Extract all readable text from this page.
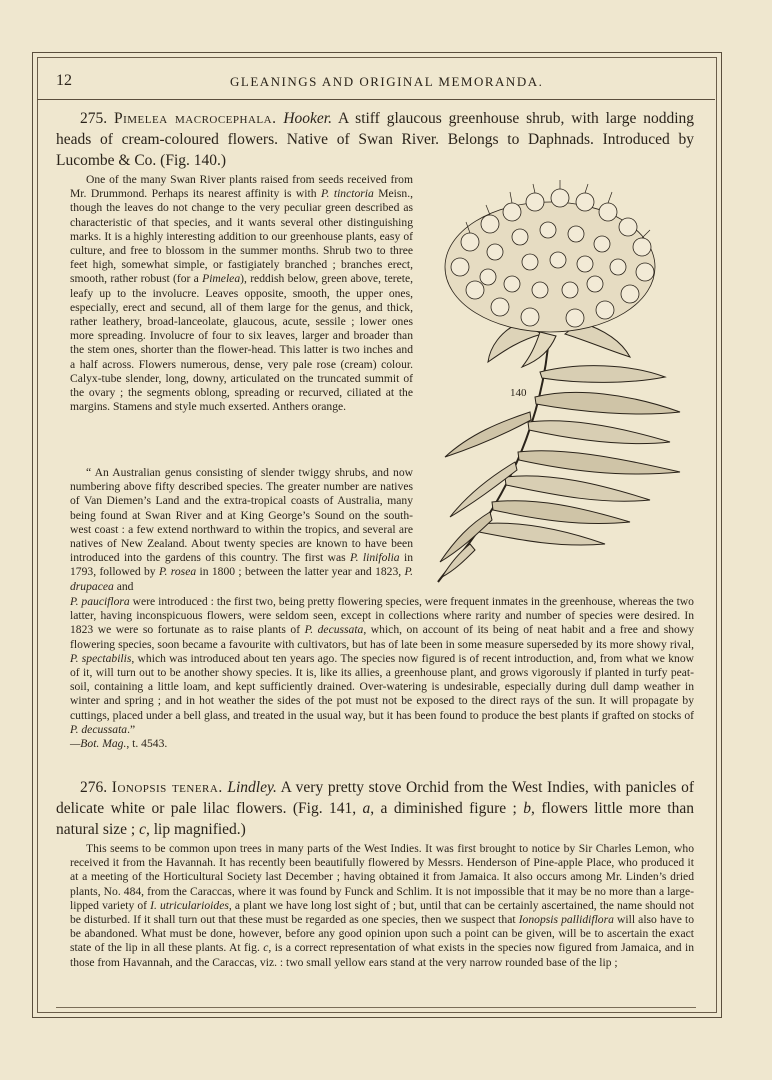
12	GLEANINGS AND ORIGINAL MEMORANDA.
275. Pimelea macrocephala. Hooker. A stiff glaucous greenhouse shrub, with large nodding heads of cream-coloured flowers. Native of Swan River. Belongs to Daphnads. Introduced by Lucombe & Co. (Fig. 140.)
One of the many Swan River plants raised from seeds received from Mr. Drummond. Perhaps its nearest affinity is with P. tinctoria Meisn., though the leaves do not change to the very peculiar green described as characteristic of that species, and it wants several other distinguishing marks. It is a highly interesting addition to our greenhouse plants, easy of culture, and free to blossom in the summer months. Shrub two to three feet high, somewhat simple, or fastigiately branched ; branches erect, smooth, rather robust (for a Pimelea), reddish below, green above, terete, leafy up to the involucre. Leaves opposite, smooth, the upper ones, especially, erect and secund, all of them large for the genus, and thick, rather leathery, broad-lanceolate, glaucous, acute, sessile ; lower ones more spreading. Involucre of four to six leaves, larger and broader than the stem ones, shorter than the flower-head. This latter is two inches and a half across. Flowers numerous, dense, very pale rose (cream) colour. Calyx-tube slender, long, downy, articulated on the truncated summit of the ovary ; the segments oblong, spreading or recurved, ciliated at the margins. Stamens and style much exserted. Anthers orange.
“ An Australian genus consisting of slender twiggy shrubs, and now numbering above fifty described species. The greater number are natives of Van Diemen’s Land and the extra-tropical coasts of Australia, many being found at Swan River and at King George’s Sound on the south-west coast : a few extend northward to within the tropics, and several are natives of New Zealand. About twenty species are known to have been introduced into the gardens of this country. The first was P. linifolia in 1793, followed by P. rosea in 1800 ; between the latter year and 1823, P. drupacea and
P. pauciflora were introduced : the first two, being pretty flowering species, were frequent inmates in the greenhouse, whereas the two latter, having inconspicuous flowers, were seldom seen, except in collections where rarity and number of species were desired. In 1823 we were so fortunate as to raise plants of P. decussata, which, on account of its being of neat habit and a free and showy flowering species, soon became a favourite with cultivators, but has of late been in some measure superseded by its more showy rival, P. spectabilis, which was introduced about ten years ago. The species now figured is of recent introduction, and, from what we know of it, will turn out to be another showy species. It is, like its allies, a greenhouse plant, and grows vigorously if planted in turfy peat-soil, containing a little loam, and kept sufficiently drained. Over-watering is undesirable, especially during dull damp weather in winter and spring ; and in hot weather the sides of the pot must not be exposed to the direct rays of the sun. It will propagate by cuttings, placed under a bell glass, and treated in the usual way, but it has been found to produce the best plants if grafted on stocks of P. decussata.”
—Bot. Mag., t. 4543.
140
276. Ionopsis tenera. Lindley. A very pretty stove Orchid from the West Indies, with panicles of delicate white or pale lilac flowers. (Fig. 141, a, a diminished figure ; b, flowers little more than natural size ; c, lip magnified.)
This seems to be common upon trees in many parts of the West Indies. It was first brought to notice by Sir Charles Lemon, who received it from the Havannah. It has recently been beautifully flowered by Messrs. Henderson of Pine-apple Place, who produced it at a meeting of the Horticultural Society last December ; having obtained it from Jamaica. It also occurs among Mr. Linden’s dried plants, No. 484, from the Caraccas, where it was found by Funck and Schlim. It is not impossible that it may be no more than a large-lipped variety of I. utricularioides, a plant we have long lost sight of ; but, until that can be certainly ascertained, the name should not be disturbed. If it shall turn out that these must be regarded as one species, then we suspect that Ionopsis pallidiflora will also have to be abandoned. What must be done, however, before any good opinion upon such a point can be given, will be to ascertain the exact state of the lip in all these plants. At fig. c, is a correct representation of what exists in the species now figured from Jamaica, and in those from Havannah, and the Caraccas, viz. : two small yellow ears stand at the very narrow rounded base of the lip ;
